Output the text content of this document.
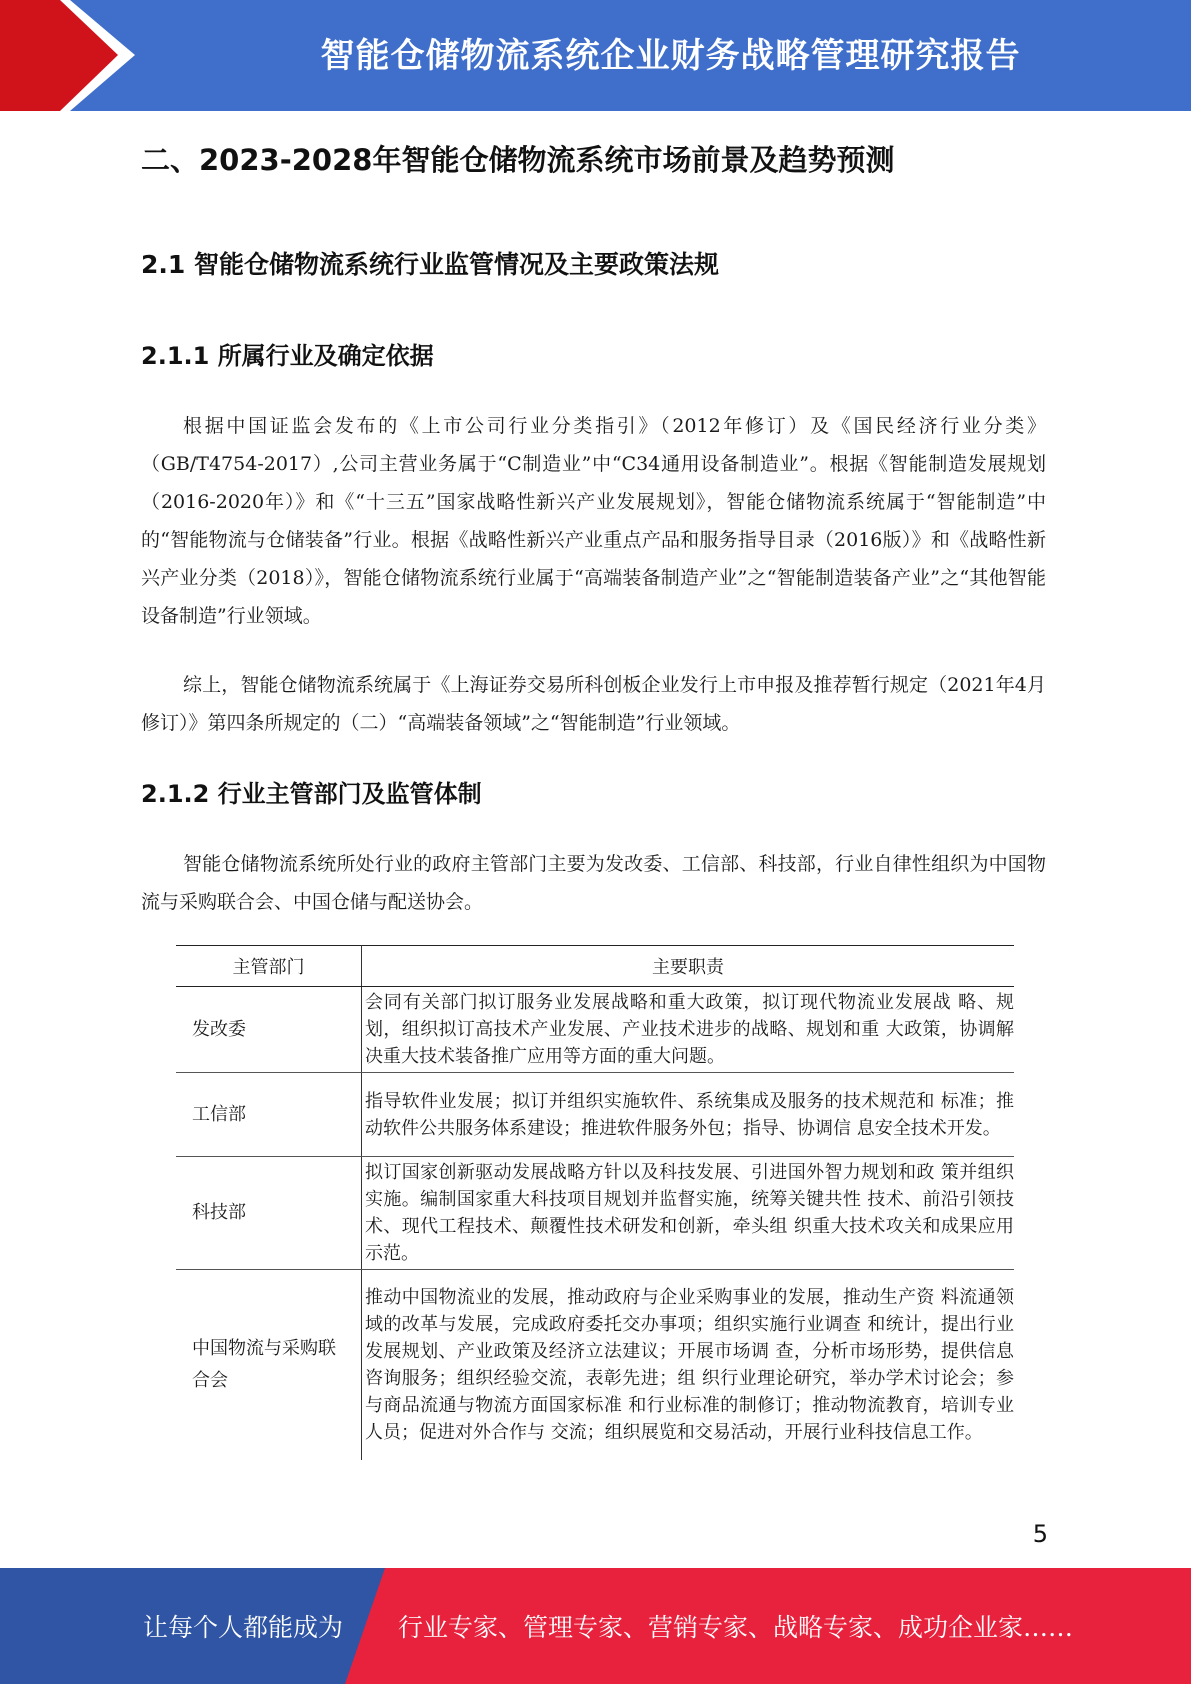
智能仓储物流系统企业财务战略管理研究报告
二、2023-2028年智能仓储物流系统市场前景及趋势预测
2.1 智能仓储物流系统行业监管情况及主要政策法规
2.1.1 所属行业及确定依据

根据中国证监会发布的《上市公司行业分类指引》（2012年修订）及《国民经济行业分类》（GB/T4754-2017）,公司主营业务属于“C制造业”中“C34通用设备制造业”。根据《智能制造发展规划（2016-2020年）》和《“十三五”国家战略性新兴产业发展规划》，智能仓储物流系统属于“智能制造”中的“智能物流与仓储装备”行业。根据《战略性新兴产业重点产品和服务指导目录（2016版）》和《战略性新兴产业分类（2018）》，智能仓储物流系统行业属于“高端装备制造产业”之“智能制造装备产业”之“其他智能设备制造”行业领域。

综上，智能仓储物流系统属于《上海证券交易所科创板企业发行上市申报及推荐暂行规定（2021年4月修订）》第四条所规定的（二）“高端装备领域”之“智能制造”行业领域。

2.1.2 行业主管部门及监管体制

智能仓储物流系统所处行业的政府主管部门主要为发改委、工信部、科技部，行业自律性组织为中国物流与采购联合会、中国仓储与配送协会。

主管部门	主要职责
发改委	会同有关部门拟订服务业发展战略和重大政策，拟订现代物流业发展战 略、规划，组织拟订高技术产业发展、产业技术进步的战略、规划和重 大政策，协调解决重大技术装备推广应用等方面的重大问题。
工信部	指导软件业发展；拟订并组织实施软件、系统集成及服务的技术规范和 标准；推动软件公共服务体系建设；推进软件服务外包；指导、协调信 息安全技术开发。
科技部	拟订国家创新驱动发展战略方针以及科技发展、引进国外智力规划和政 策并组织实施。编制国家重大科技项目规划并监督实施，统筹关键共性 技术、前沿引领技术、现代工程技术、颠覆性技术研发和创新，牵头组 织重大技术攻关和成果应用示范。
中国物流与采购联合会	推动中国物流业的发展，推动政府与企业采购事业的发展，推动生产资 料流通领域的改革与发展，完成政府委托交办事项；组织实施行业调查 和统计，提出行业发展规划、产业政策及经济立法建议；开展市场调 查，分析市场形势，提供信息咨询服务；组织经验交流，表彰先进；组 织行业理论研究，举办学术讨论会；参与商品流通与物流方面国家标准 和行业标准的制修订；推动物流教育，培训专业人员；促进对外合作与 交流；组织展览和交易活动，开展行业科技信息工作。
5
让每个人都能成为 行业专家、管理专家、营销专家、战略专家、成功企业家……
